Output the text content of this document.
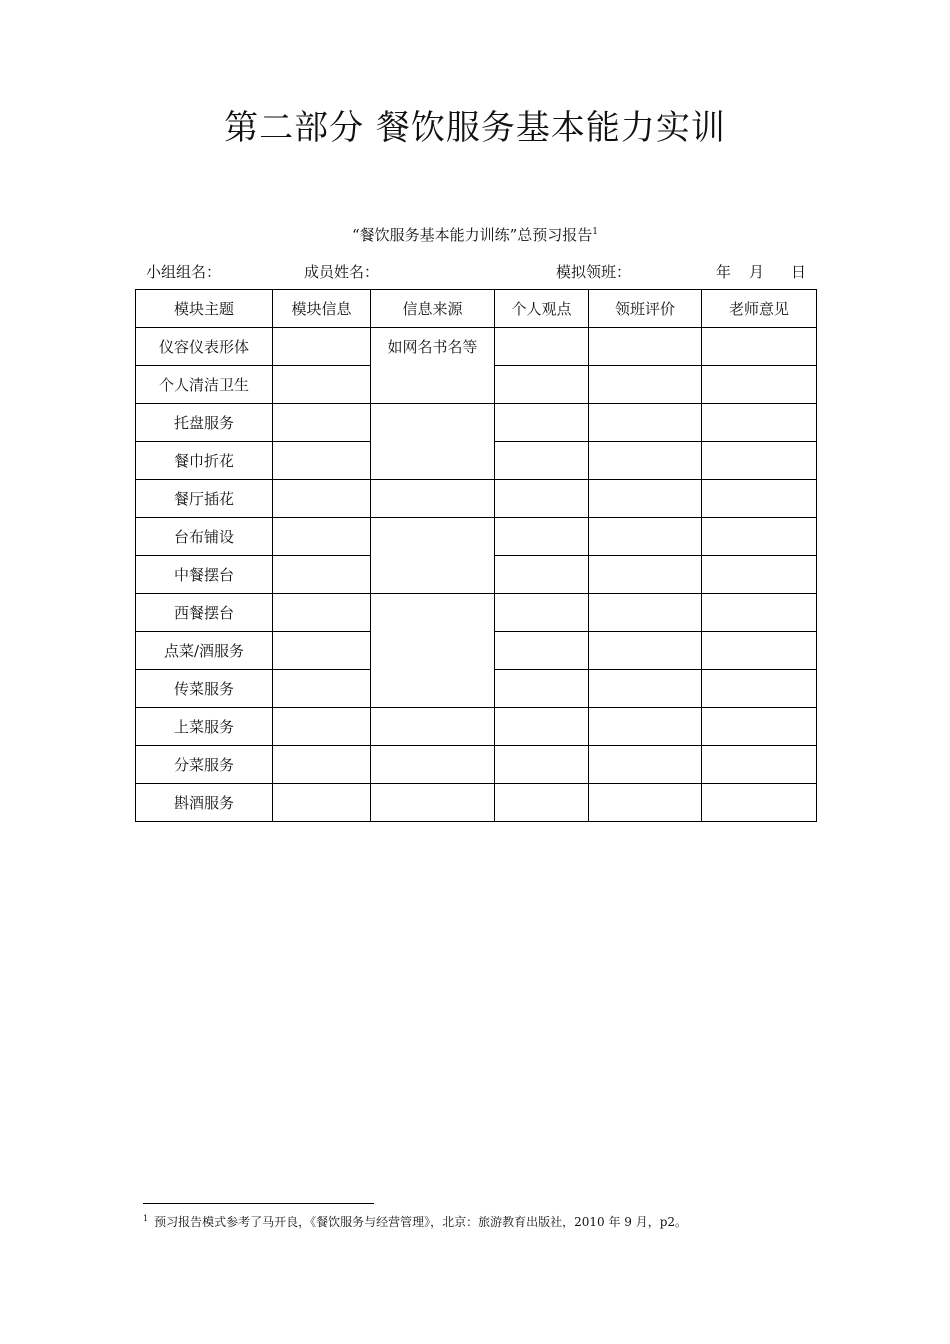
第二部分 餐饮服务基本能力实训

“餐饮服务基本能力训练”总预习报告$^1$

小组组名：	成员姓名：	模拟领班：	年 月 日
模块主题	模块信息	信息来源	个人观点	领班评价	老师意见
仪容仪表形体		如网名书名等			
个人清洁卫生					
托盘服务					
餐巾折花					
餐厅插花					
台布铺设					
中餐摆台					
西餐摆台					
点菜/酒服务					
传菜服务					
上菜服务					
分菜服务					
斟酒服务					
$^1$ 预习报告模式参考了马开良，《餐饮服务与经营管理》，北京：旅游教育出版社，2010 年 9 月，p2。
